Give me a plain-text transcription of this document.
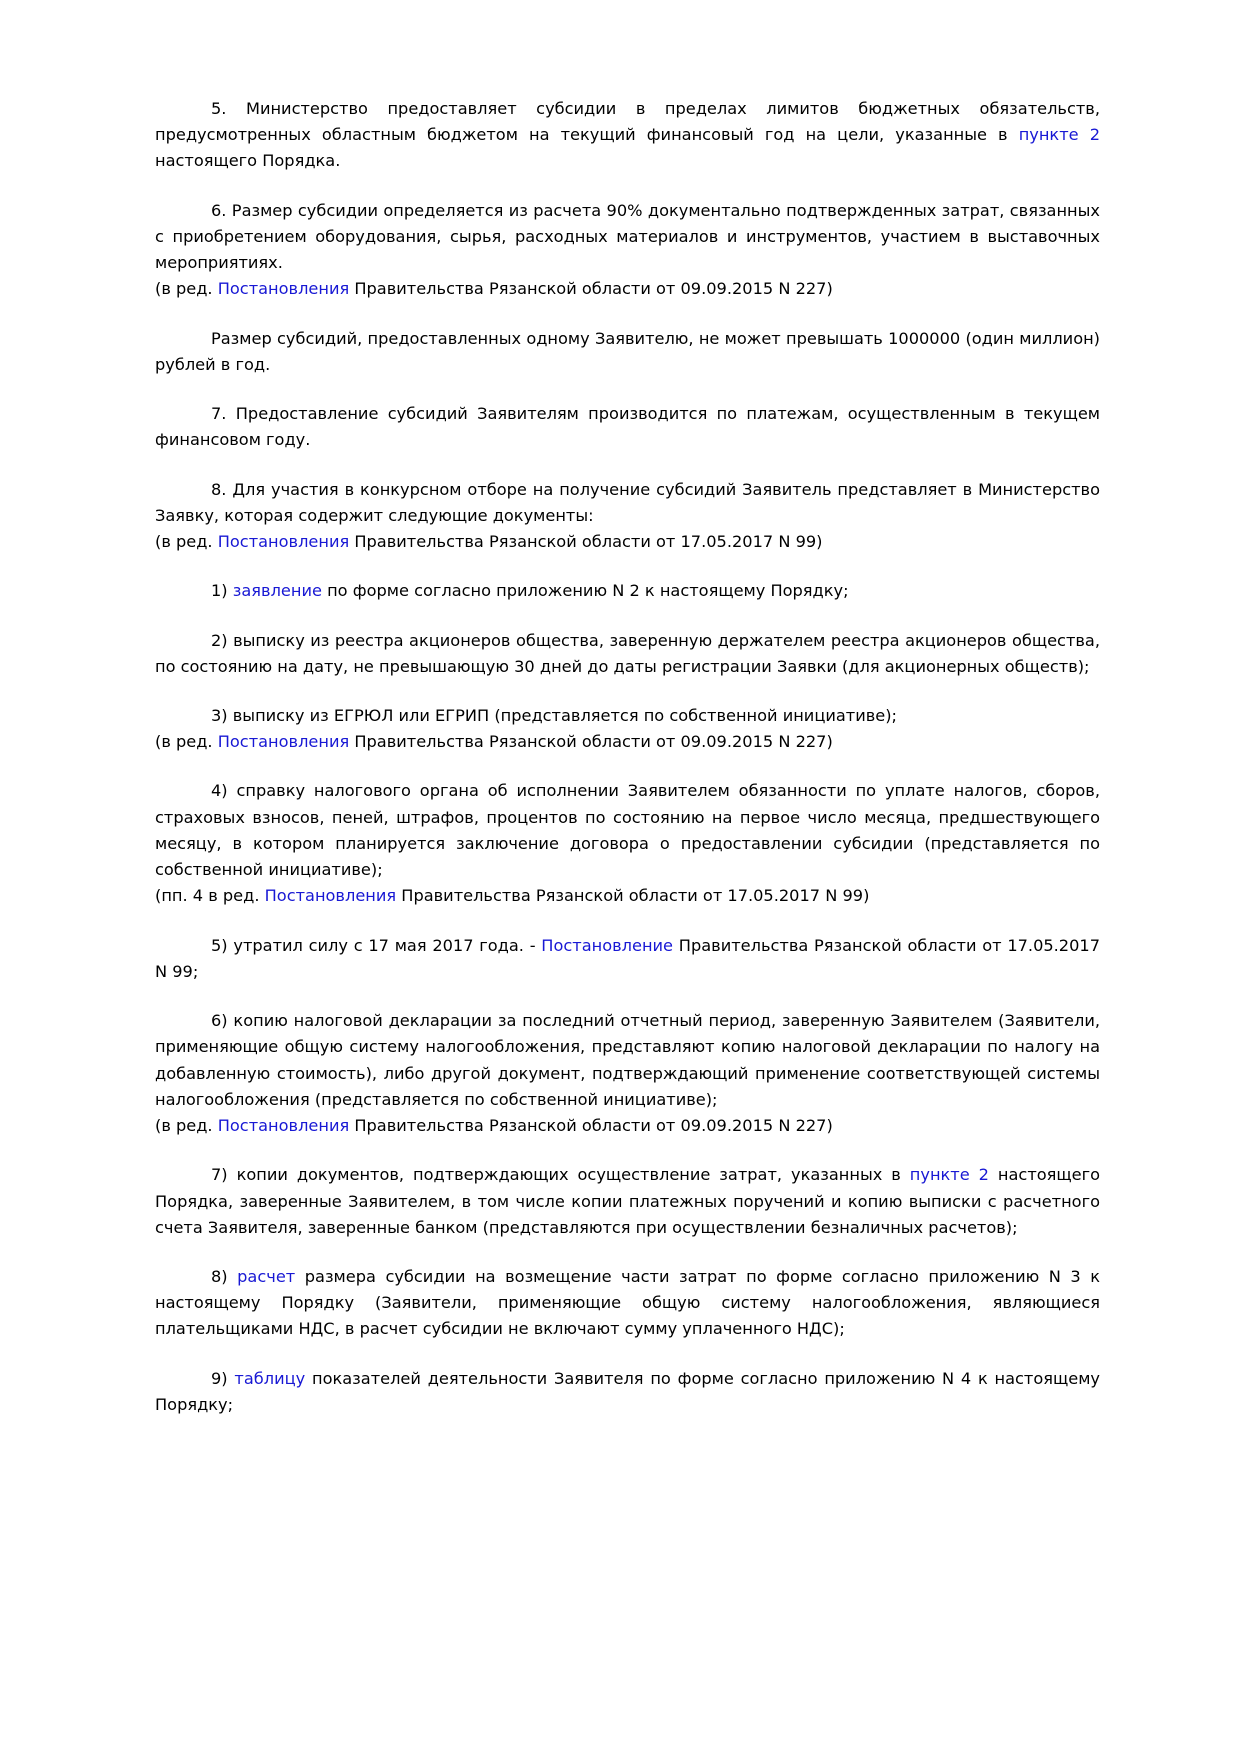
5. Министерство предоставляет субсидии в пределах лимитов бюджетных обязательств, предусмотренных областным бюджетом на текущий финансовый год на цели, указанные в пункте 2 настоящего Порядка.

6. Размер субсидии определяется из расчета 90% документально подтвержденных затрат, связанных с приобретением оборудования, сырья, расходных материалов и инструментов, участием в выставочных мероприятиях.

(в ред. Постановления Правительства Рязанской области от 09.09.2015 N 227)

Размер субсидий, предоставленных одному Заявителю, не может превышать 1000000 (один миллион) рублей в год.

7. Предоставление субсидий Заявителям производится по платежам, осуществленным в текущем финансовом году.

8. Для участия в конкурсном отборе на получение субсидий Заявитель представляет в Министерство Заявку, которая содержит следующие документы:

(в ред. Постановления Правительства Рязанской области от 17.05.2017 N 99)

1) заявление по форме согласно приложению N 2 к настоящему Порядку;

2) выписку из реестра акционеров общества, заверенную держателем реестра акционеров общества, по состоянию на дату, не превышающую 30 дней до даты регистрации Заявки (для акционерных обществ);

3) выписку из ЕГРЮЛ или ЕГРИП (представляется по собственной инициативе);

(в ред. Постановления Правительства Рязанской области от 09.09.2015 N 227)

4) справку налогового органа об исполнении Заявителем обязанности по уплате налогов, сборов, страховых взносов, пеней, штрафов, процентов по состоянию на первое число месяца, предшествующего месяцу, в котором планируется заключение договора о предоставлении субсидии (представляется по собственной инициативе);

(пп. 4 в ред. Постановления Правительства Рязанской области от 17.05.2017 N 99)

5) утратил силу с 17 мая 2017 года. - Постановление Правительства Рязанской области от 17.05.2017 N 99;

6) копию налоговой декларации за последний отчетный период, заверенную Заявителем (Заявители, применяющие общую систему налогообложения, представляют копию налоговой декларации по налогу на добавленную стоимость), либо другой документ, подтверждающий применение соответствующей системы налогообложения (представляется по собственной инициативе);

(в ред. Постановления Правительства Рязанской области от 09.09.2015 N 227)

7) копии документов, подтверждающих осуществление затрат, указанных в пункте 2 настоящего Порядка, заверенные Заявителем, в том числе копии платежных поручений и копию выписки с расчетного счета Заявителя, заверенные банком (представляются при осуществлении безналичных расчетов);

8) расчет размера субсидии на возмещение части затрат по форме согласно приложению N 3 к настоящему Порядку (Заявители, применяющие общую систему налогообложения, являющиеся плательщиками НДС, в расчет субсидии не включают сумму уплаченного НДС);

9) таблицу показателей деятельности Заявителя по форме согласно приложению N 4 к настоящему Порядку;
